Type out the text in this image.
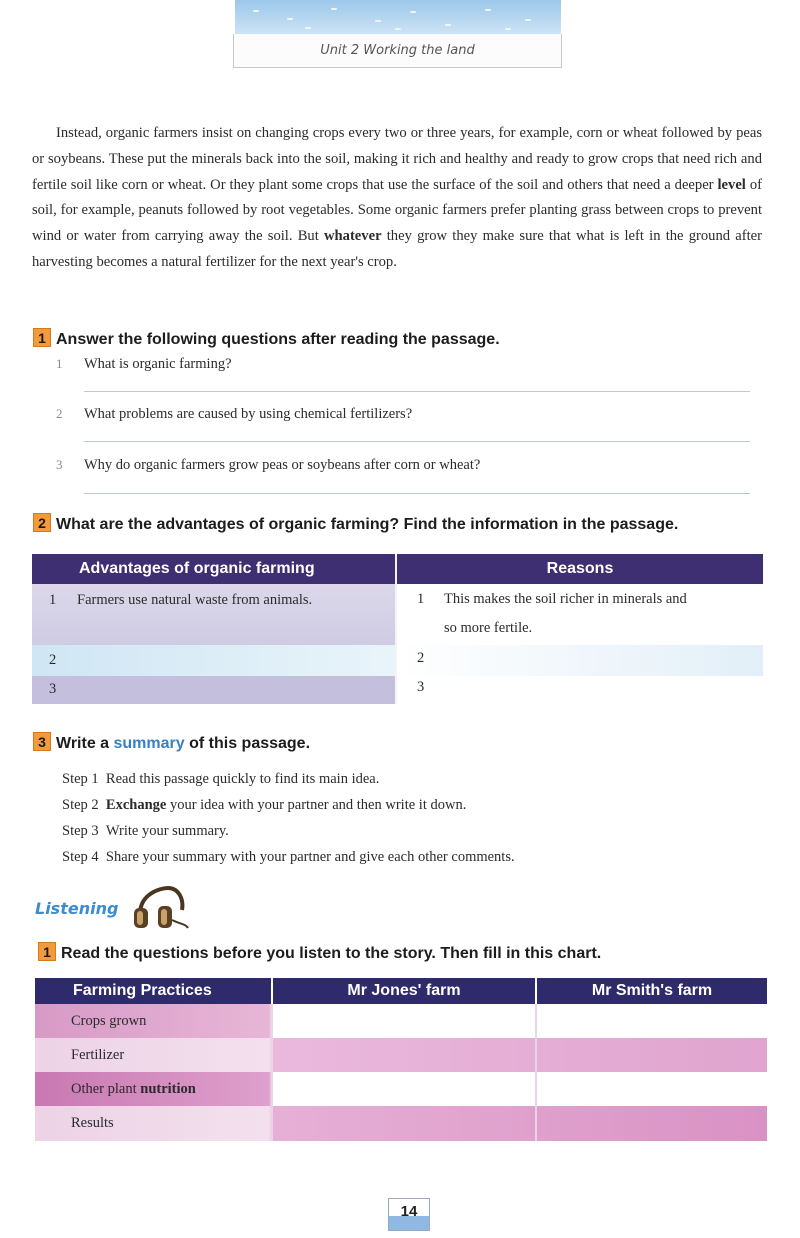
Unit 2 Working the land
Instead, organic farmers insist on changing crops every two or three years, for example, corn or wheat followed by peas or soybeans. These put the minerals back into the soil, making it rich and healthy and ready to grow crops that need rich and fertile soil like corn or wheat. Or they plant some crops that use the surface of the soil and others that need a deeper level of soil, for example, peanuts followed by root vegetables. Some organic farmers prefer planting grass between crops to prevent wind or water from carrying away the soil. But whatever they grow they make sure that what is left in the ground after harvesting becomes a natural fertilizer for the next year's crop.
1 Answer the following questions after reading the passage.
1 What is organic farming?
2 What problems are caused by using chemical fertilizers?
3 Why do organic farmers grow peas or soybeans after corn or wheat?
2 What are the advantages of organic farming? Find the information in the passage.
Advantages of organic farming	Reasons
1 Farmers use natural waste from animals.	1 This makes the soil richer in minerals and
so more fertile.
2	2
3	3
3 Write a summary of this passage.
Step 1 Read this passage quickly to find its main idea.
Step 2 Exchange your idea with your partner and then write it down.
Step 3 Write your summary.
Step 4 Share your summary with your partner and give each other comments.
Listening
1 Read the questions before you listen to the story. Then fill in this chart.
Farming Practices	Mr Jones' farm	Mr Smith's farm
Crops grown
Fertilizer
Other plant nutrition
Results
14
